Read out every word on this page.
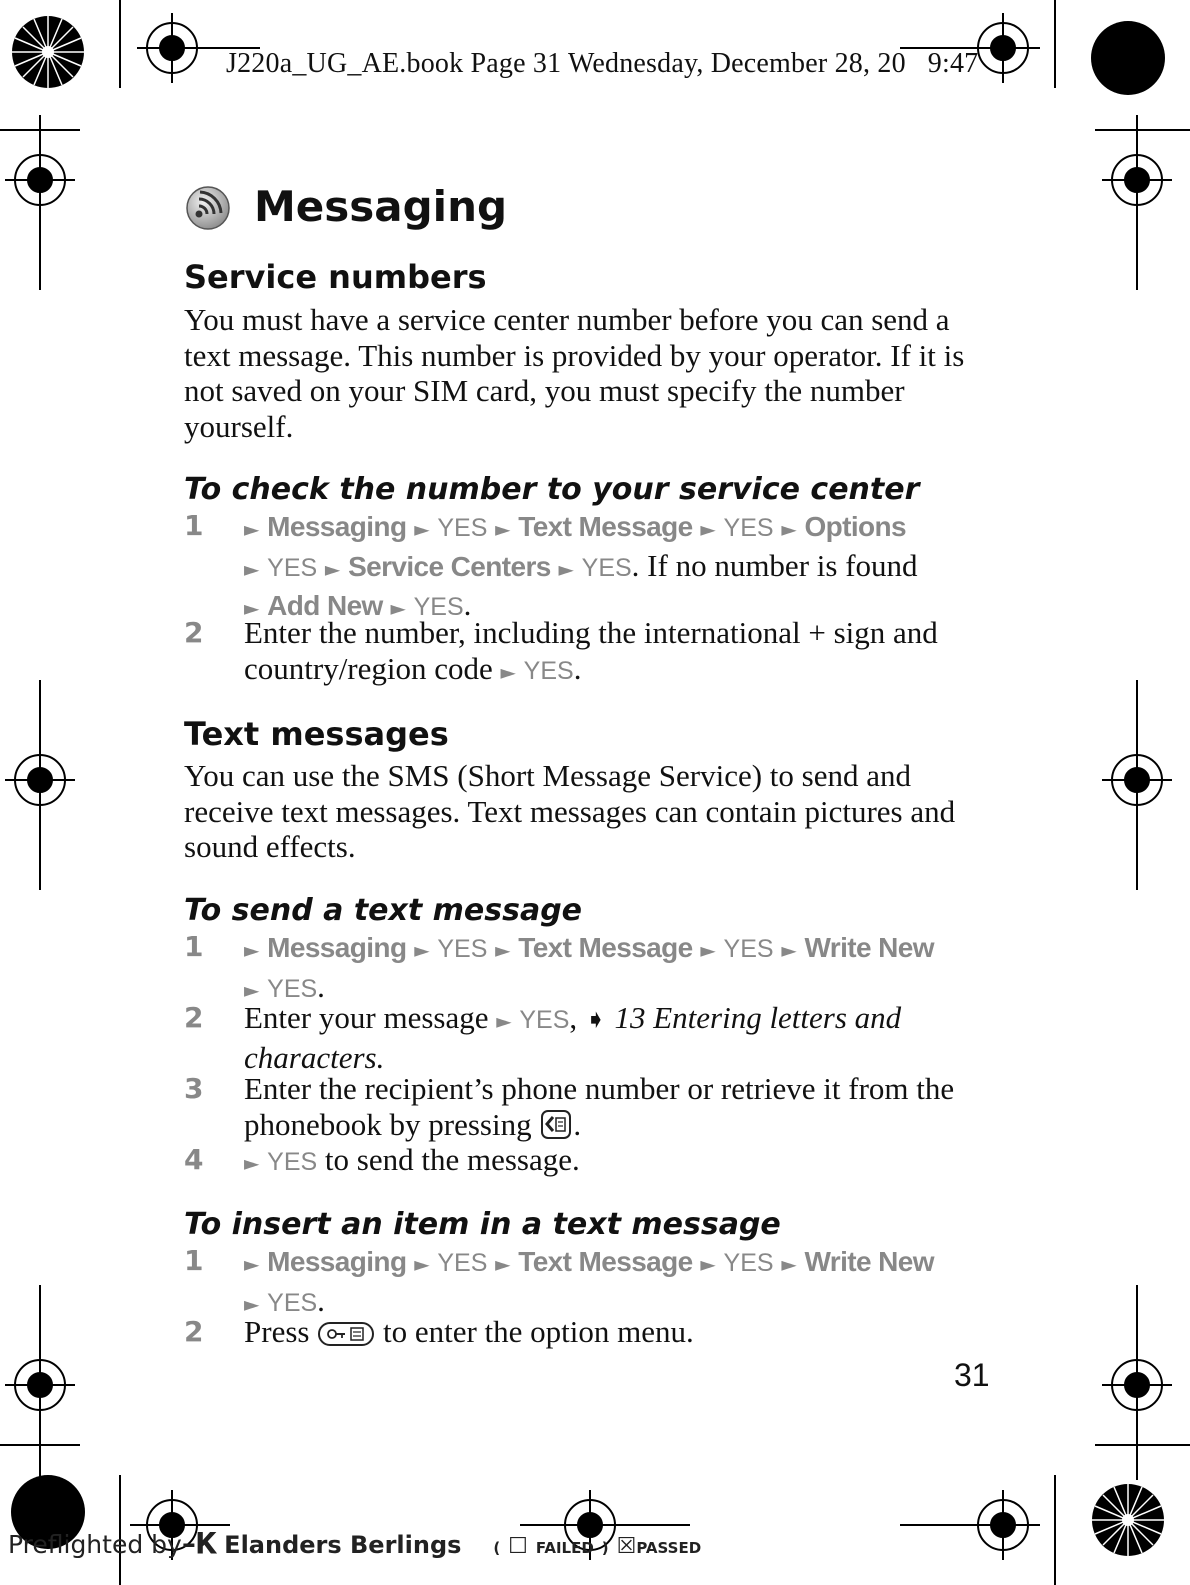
J220a_UG_AE.book Page 31 Wednesday, December 28, 20 9:47
Messaging
Service numbers

You must have a service center number before you can send a text message. This number is provided by your operator. If it is not saved on your SIM card, you must specify the number yourself.

To check the number to your service center
1 ► Messaging ► YES ► Text Message ► YES ► Options
► YES ► Service Centers ► YES. If no number is found
► Add New ► YES.
2 Enter the number, including the international + sign and country/region code ► YES.
Text messages

You can use the SMS (Short Message Service) to send and receive text messages. Text messages can contain pictures and sound effects.

To send a text message
1 ► Messaging ► YES ► Text Message ► YES ► Write New
► YES.
2 Enter your message ► YES, ➧ 13 Entering letters and characters.
3 Enter the recipient’s phone number or retrieve it from the phonebook by pressing .
4 ► YES to send the message.
To insert an item in a text message
1 ► Messaging ► YES ► Text Message ► YES ► Write New
► YES.
2 Press  to enter the option menu.
31
Preflighted by–𝐊 Elanders Berlings ( ☐ FAILED ) ☒PASSED
